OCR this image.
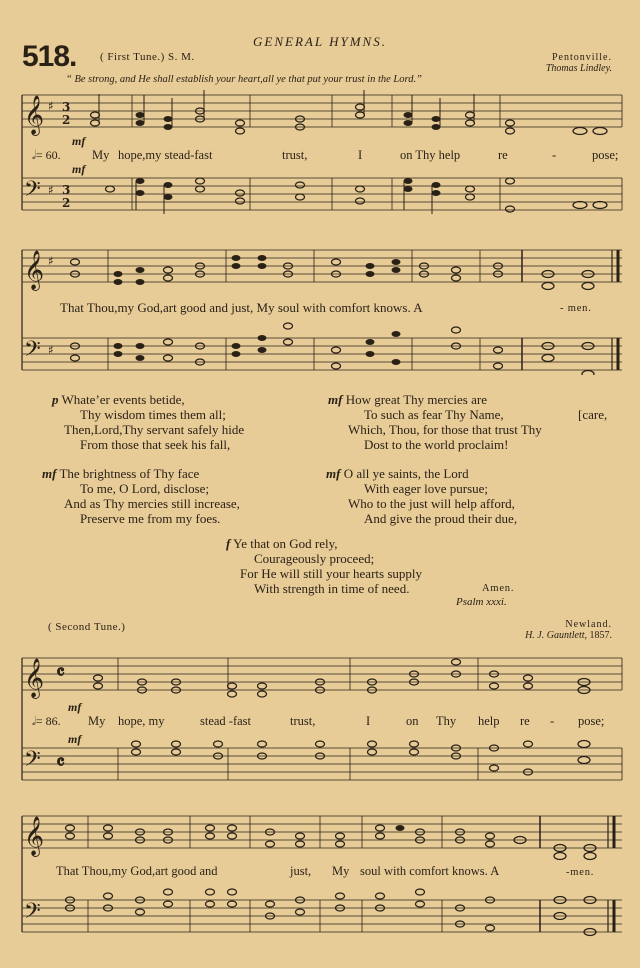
GENERAL HYMNS.
518. ( First Tune.) S. M.	Pentonville.
Thomas Lindley.
“ Be strong, and He shall establish your heart,all ye that put your trust in the Lord.”
𝄞 ♯ 3
2
𝄢 ♯ 3
2
mf
mf
𝅗𝅥= 60.	My hope,my stead-fast	trust,	I	on Thy help	re	-	pose;
𝄞 ♯
𝄢 ♯
That Thou,my God,art good and just, My soul with comfort knows. A	- men.
p Whate’er events betide,
Thy wisdom times them all;
Then,Lord,Thy servant safely hide
From those that seek his fall,
mf How great Thy mercies are
To such as fear Thy Name,	[care,
Which, Thou, for those that trust Thy
Dost to the world proclaim!
mf The brightness of Thy face
To me, O Lord, disclose;
And as Thy mercies still increase,
Preserve me from my foes.
mf O all ye saints, the Lord
With eager love pursue;
Who to the just will help afford,
And give the proud their due,
f Ye that on God rely,
Courageously proceed;
For He will still your hearts supply
With strength in time of need.	Amen.
Psalm xxxi.
( Second Tune.)	Newland.
H. J. Gauntlett, 1857.
𝄞 𝄴
𝄢 𝄴
mf
mf
𝅗𝅥= 86. My hope, my	stead -fast	trust,	I	on Thy help re - pose;
𝄞
𝄢
That Thou,my God,art good and	just, My soul with comfort knows. A	-men.
